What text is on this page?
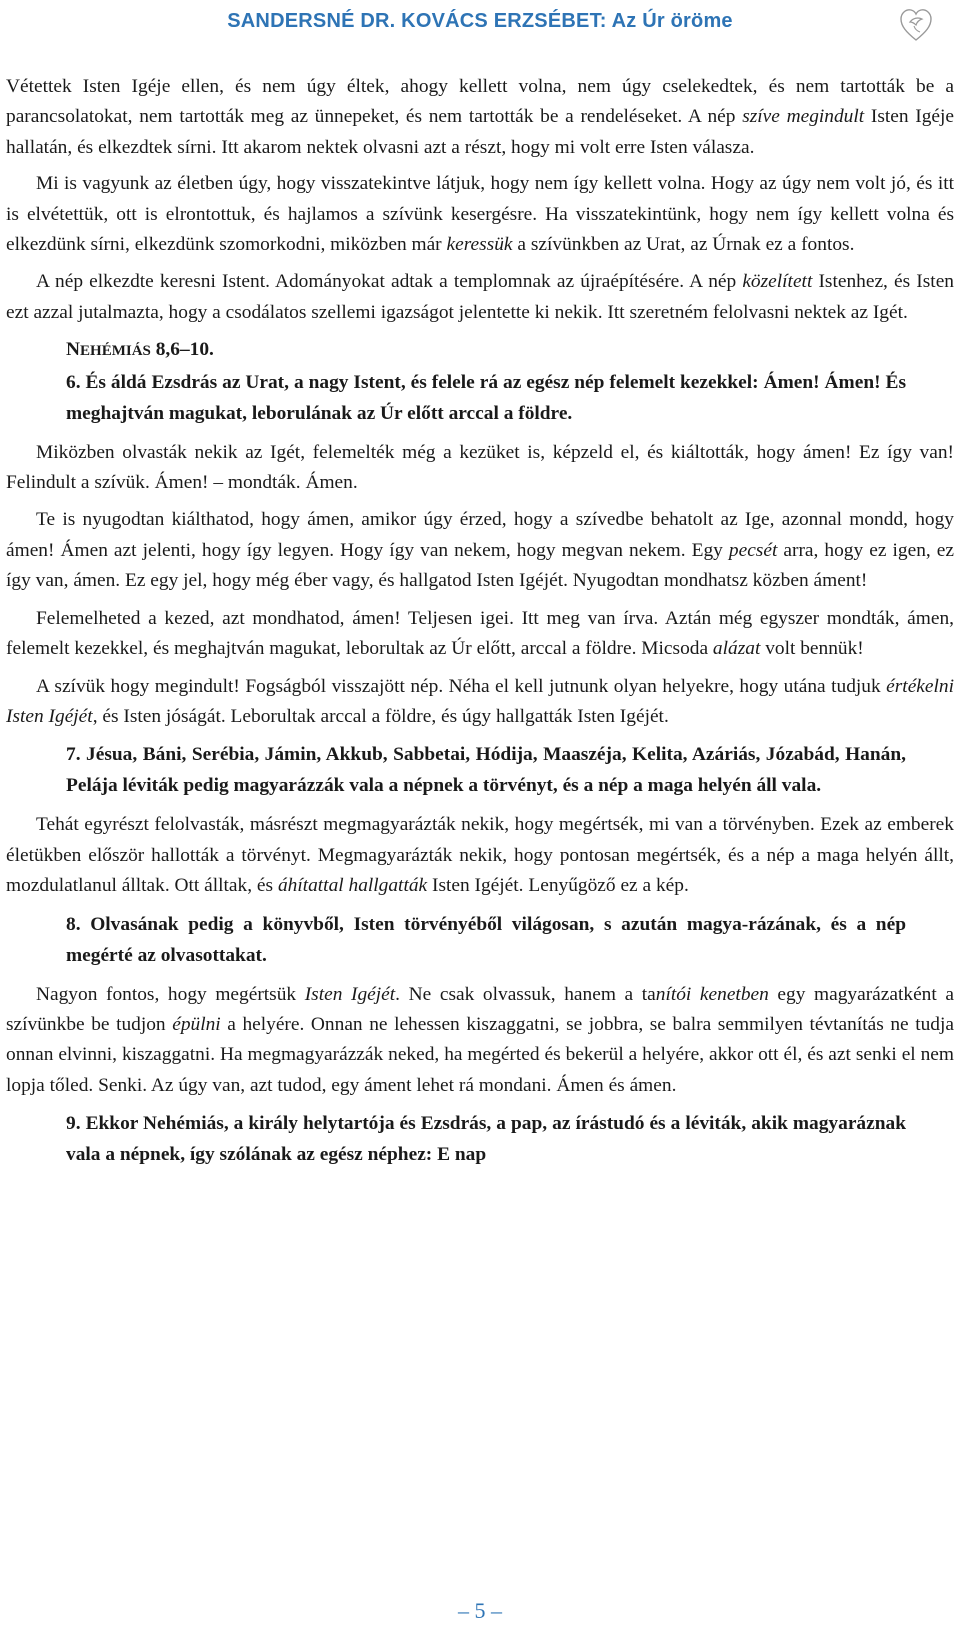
SANDERSNÉ DR. KOVÁCS ERZSÉBET: Az Úr öröme

Vétettek Isten Igéje ellen, és nem úgy éltek, ahogy kellett volna, nem úgy cselekedtek, és nem tartották be a parancsolatokat, nem tartották meg az ünnepeket, és nem tartották be a rendeléseket. A nép szíve megindult Isten Igéje hallatán, és elkezdtek sírni. Itt akarom nektek olvasni azt a részt, hogy mi volt erre Isten válasza.

Mi is vagyunk az életben úgy, hogy visszatekintve látjuk, hogy nem így kellett volna. Hogy az úgy nem volt jó, és itt is elvétettük, ott is elrontottuk, és hajlamos a szívünk kesergésre. Ha visszatekintünk, hogy nem így kellett volna és elkezdünk sírni, elkezdünk szomorkodni, miközben már keressük a szívünkben az Urat, az Úrnak ez a fontos.

A nép elkezdte keresni Istent. Adományokat adtak a templomnak az újraépítésére. A nép közelített Istenhez, és Isten ezt azzal jutalmazta, hogy a csodálatos szellemi igazságot jelentette ki nekik. Itt szeretném felolvasni nektek az Igét.

NEHÉMIÁS 8,6–10.

6. És áldá Ezsdrás az Urat, a nagy Istent, és felele rá az egész nép felemelt kezekkel: Ámen! Ámen! És meghajtván magukat, leborulának az Úr előtt arccal a földre.

Miközben olvasták nekik az Igét, felemelték még a kezüket is, képzeld el, és kiáltották, hogy ámen! Ez így van! Felindult a szívük. Ámen! – mondták. Ámen.

Te is nyugodtan kiálthatod, hogy ámen, amikor úgy érzed, hogy a szívedbe behatolt az Ige, azonnal mondd, hogy ámen! Ámen azt jelenti, hogy így legyen. Hogy így van nekem, hogy megvan nekem. Egy pecsét arra, hogy ez igen, ez így van, ámen. Ez egy jel, hogy még éber vagy, és hallgatod Isten Igéjét. Nyugodtan mondhatsz közben áment!

Felemelheted a kezed, azt mondhatod, ámen! Teljesen igei. Itt meg van írva. Aztán még egyszer mondták, ámen, felemelt kezekkel, és meghajtván magukat, leborultak az Úr előtt, arccal a földre. Micsoda alázat volt bennük!

A szívük hogy megindult! Fogságból visszajött nép. Néha el kell jutnunk olyan helyekre, hogy utána tudjuk értékelni Isten Igéjét, és Isten jóságát. Leborultak arccal a földre, és úgy hallgatták Isten Igéjét.

7. Jésua, Báni, Serébia, Jámin, Akkub, Sabbetai, Hódija, Maaszéja, Kelita, Azáriás, Józabád, Hanán, Pelája léviták pedig magyarázzák vala a népnek a törvényt, és a nép a maga helyén áll vala.

Tehát egyrészt felolvasták, másrészt megmagyarázták nekik, hogy megértsék, mi van a törvényben. Ezek az emberek életükben először hallották a törvényt. Megmagyarázták nekik, hogy pontosan megértsék, és a nép a maga helyén állt, mozdulatlanul álltak. Ott álltak, és áhítattal hallgatták Isten Igéjét. Lenyűgöző ez a kép.

8. Olvasának pedig a könyvből, Isten törvényéből világosan, s azután magya-rázának, és a nép megérté az olvasottakat.

Nagyon fontos, hogy megértsük Isten Igéjét. Ne csak olvassuk, hanem a tanítói kenetben egy magyarázatként a szívünkbe be tudjon épülni a helyére. Onnan ne lehessen kiszaggatni, se jobbra, se balra semmilyen tévtanítás ne tudja onnan elvinni, kiszaggatni. Ha megmagyarázzák neked, ha megérted és bekerül a helyére, akkor ott él, és azt senki el nem lopja tőled. Senki. Az úgy van, azt tudod, egy áment lehet rá mondani. Ámen és ámen.

9. Ekkor Nehémiás, a király helytartója és Ezsdrás, a pap, az írástudó és a léviták, akik magyaráznak vala a népnek, így szólának az egész néphez: E nap

– 5 –
